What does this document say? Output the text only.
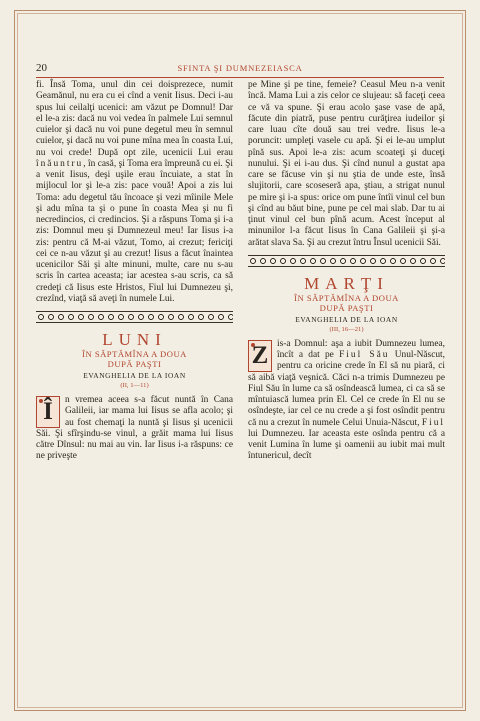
20	SFINTA ŞI DUMNEZEIASCA

fi. Însă Toma, unul din cei doisprezece, numit Geamănul, nu era cu ei cînd a venit Iisus. Deci i-au spus lui ceilalţi ucenici: am văzut pe Domnul! Dar el le-a zis: dacă nu voi vedea în palmele Lui semnul cuielor şi dacă nu voi pune degetul meu în semnul cuielor, şi dacă nu voi pune mîna mea în coasta Lui, nu voi crede! După opt zile, ucenicii Lui erau înăuntru, în casă, şi Toma era împreună cu ei. Şi a venit Iisus, deşi uşile erau încuiate, a stat în mijlocul lor şi le-a zis: pace vouă! Apoi a zis lui Toma: adu degetul tău încoace şi vezi mîinile Mele şi adu mîna ta şi o pune în coasta Mea şi nu fi necredincios, ci credincios. Şi a răspuns Toma şi i-a zis: Domnul meu şi Dumnezeul meu! Iar Iisus i-a zis: pentru că M-ai văzut, Tomo, ai crezut; fericiţi cei ce n-au văzut şi au crezut! Iisus a făcut înaintea ucenicilor Săi şi alte minuni, multe, care nu s-au scris în cartea aceasta; iar acestea s-au scris, ca să credeţi că Iisus este Hristos, Fiul lui Dumnezeu şi, crezînd, viaţă să aveţi în numele Lui.

LUNI

ÎN SĂPTĂMÎNA A DOUA

DUPĂ PAŞTI

EVANGHELIA DE LA IOAN

(II, 1—11)

Î	n vremea aceea s-a făcut nuntă în Cana Galileii, iar mama lui Iisus se afla acolo; şi au fost chemaţi la nuntă şi Iisus şi ucenicii Săi. Şi sfîrşindu-se vinul, a grăit mama lui Iisus către Dînsul: nu mai au vin. Iar Iisus i-a răspuns: ce ne priveşte

pe Mine şi pe tine, femeie? Ceasul Meu n-a venit încă. Mama Lui a zis celor ce slujeau: să faceţi ceea ce vă va spune. Şi erau acolo şase vase de apă, făcute din piatră, puse pentru curăţirea iudeilor şi care luau cîte două sau trei vedre. Iisus le-a poruncit: umpleţi vasele cu apă. Şi ei le-au umplut pînă sus. Apoi le-a zis: acum scoateţi şi duceţi nunului. Şi ei i-au dus. Şi cînd nunul a gustat apa care se făcuse vin şi nu ştia de unde este, însă slujitorii, care scoseseră apa, ştiau, a strigat nunul pe mire şi i-a spus: orice om pune întîi vinul cel bun şi cînd au băut bine, pune pe cel mai slab. Dar tu ai ţinut vinul cel bun pînă acum. Acest început al minunilor l-a făcut Iisus în Cana Galileii şi şi-a arătat slava Sa. Şi au crezut întru Însul ucenicii Săi.

MARŢI

ÎN SĂPTĂMÎNA A DOUA

DUPĂ PAŞTI

EVANGHELIA DE LA IOAN

(III, 16—21)

Z is-a Domnul: aşa a iubit Dumnezeu lumea, încît a dat pe Fiul Său Unul-Născut, pentru ca oricine crede în El să nu piară, ci să aibă viaţă veşnică. Căci n-a trimis Dumnezeu pe Fiul Său în lume ca să osîndească lumea, ci ca să se mîntuiască lumea prin El. Cel ce crede în El nu se osîndeşte, iar cel ce nu crede a şi fost osîndit pentru că nu a crezut în numele Celui Unuia-Născut, Fiul lui Dumnezeu. Iar aceasta este osînda pentru că a venit Lumina în lume şi oamenii au iubit mai mult întunericul, decît
